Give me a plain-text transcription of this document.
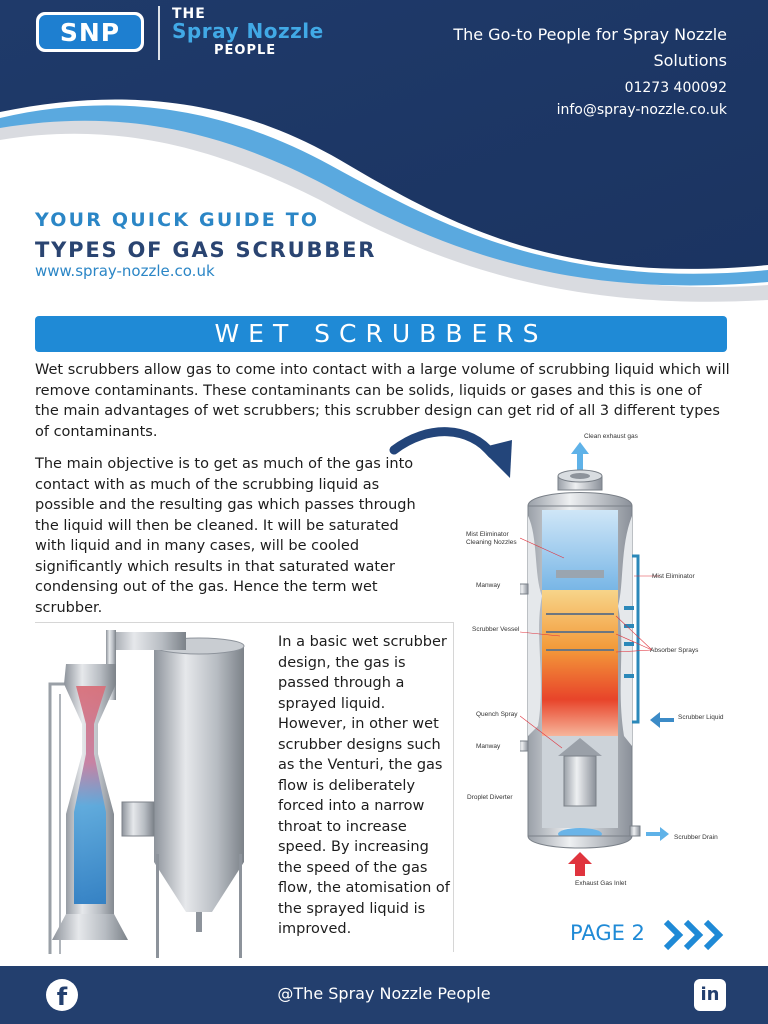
SNP
THE
Spray Nozzle
PEOPLE
The Go-to People for Spray Nozzle Solutions
01273 400092
info@spray-nozzle.co.uk
YOUR QUICK GUIDE TO
TYPES OF GAS SCRUBBER
www.spray-nozzle.co.uk
WET SCRUBBERS
Wet scrubbers allow gas to come into contact with a large volume of scrubbing liquid which will remove contaminants. These contaminants can be solids, liquids or gases and this is one of the main advantages of wet scrubbers; this scrubber design can get rid of all 3 different types of contaminants.
The main objective is to get as much of the gas into contact with as much of the scrubbing liquid as possible and the resulting gas which passes through the liquid will then be cleaned. It will be saturated with liquid and in many cases, will be cooled significantly which results in that saturated water condensing out of the gas. Hence the term wet scrubber.
In a basic wet scrubber design, the gas is passed through a sprayed liquid. However, in other wet scrubber designs such as the Venturi, the gas flow is deliberately forced into a narrow throat to increase speed. By increasing the speed of the gas flow, the atomisation of the sprayed liquid is improved.
Clean exhaust gas
Mist Eliminator
Cleaning Nozzles
Mist Eliminator
Manway
Scrubber Vessel
Absorber Sprays
Quench Spray	Scrubber Liquid
Manway
Droplet Diverter
Scrubber Drain
Exhaust Gas Inlet
PAGE 2
f	@The Spray Nozzle People	in
